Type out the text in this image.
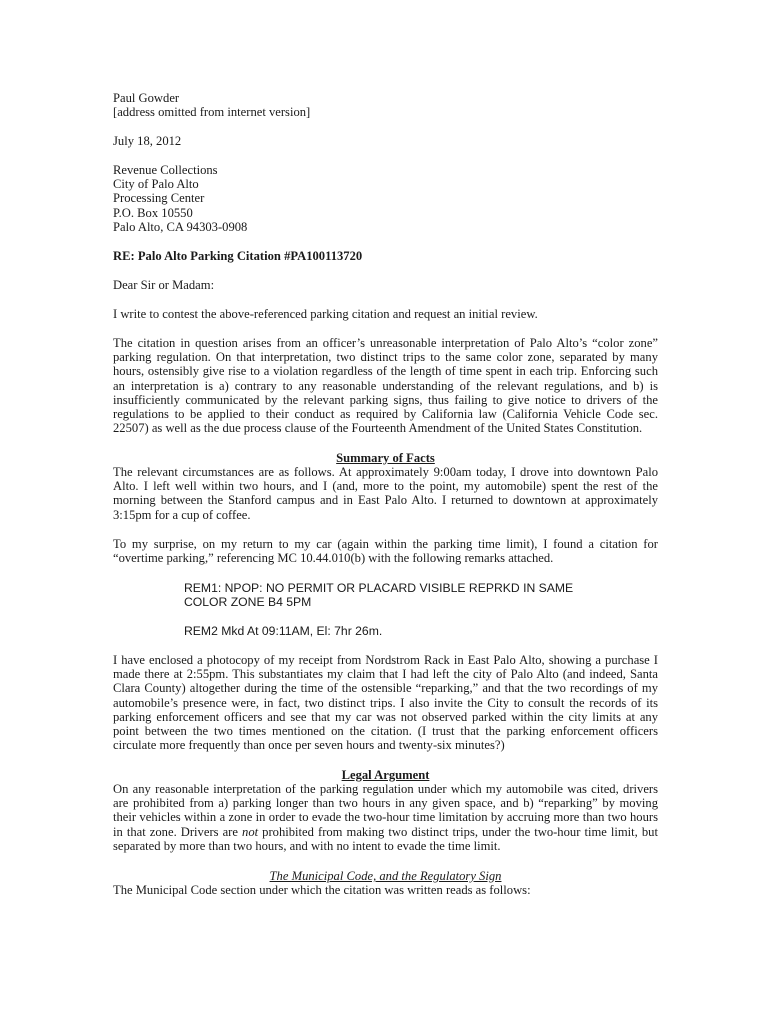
Paul Gowder
[address omitted from internet version]
July 18, 2012
Revenue Collections
City of Palo Alto
Processing Center
P.O. Box 10550
Palo Alto, CA 94303-0908
RE: Palo Alto Parking Citation #PA100113720
Dear Sir or Madam:
I write to contest the above-referenced parking citation and request an initial review.
The citation in question arises from an officer’s unreasonable interpretation of Palo Alto’s “color zone”
parking regulation. On that interpretation, two distinct trips to the same color zone, separated by many
hours, ostensibly give rise to a violation regardless of the length of time spent in each trip. Enforcing such
an interpretation is a) contrary to any reasonable understanding of the relevant regulations, and b) is
insufficiently communicated by the relevant parking signs, thus failing to give notice to drivers of the
regulations to be applied to their conduct as required by California law (California Vehicle Code sec.
22507) as well as the due process clause of the Fourteenth Amendment of the United States Constitution.
Summary of Facts
The relevant circumstances are as follows. At approximately 9:00am today, I drove into downtown Palo
Alto. I left well within two hours, and I (and, more to the point, my automobile) spent the rest of the
morning between the Stanford campus and in East Palo Alto. I returned to downtown at approximately
3:15pm for a cup of coffee.
To my surprise, on my return to my car (again within the parking time limit), I found a citation for
“overtime parking,” referencing MC 10.44.010(b) with the following remarks attached.
REM1: NPOP: NO PERMIT OR PLACARD VISIBLE REPRKD IN SAME
COLOR ZONE B4 5PM
REM2 Mkd At 09:11AM, El: 7hr 26m.
I have enclosed a photocopy of my receipt from Nordstrom Rack in East Palo Alto, showing a purchase I
made there at 2:55pm. This substantiates my claim that I had left the city of Palo Alto (and indeed, Santa
Clara County) altogether during the time of the ostensible “reparking,” and that the two recordings of my
automobile’s presence were, in fact, two distinct trips. I also invite the City to consult the records of its
parking enforcement officers and see that my car was not observed parked within the city limits at any
point between the two times mentioned on the citation. (I trust that the parking enforcement officers
circulate more frequently than once per seven hours and twenty-six minutes?)
Legal Argument
On any reasonable interpretation of the parking regulation under which my automobile was cited, drivers
are prohibited from a) parking longer than two hours in any given space, and b) “reparking” by moving
their vehicles within a zone in order to evade the two-hour time limitation by accruing more than two hours
in that zone. Drivers are not prohibited from making two distinct trips, under the two-hour time limit, but
separated by more than two hours, and with no intent to evade the time limit.
The Municipal Code, and the Regulatory Sign
The Municipal Code section under which the citation was written reads as follows:
